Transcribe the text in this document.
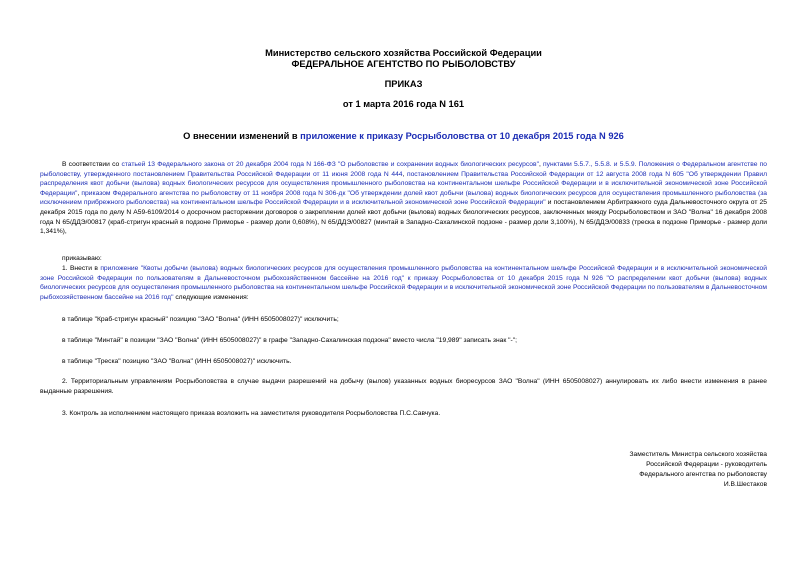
Министерство сельского хозяйства Российской Федерации
ФЕДЕРАЛЬНОЕ АГЕНТСТВО ПО РЫБОЛОВСТВУ
ПРИКАЗ
от 1 марта 2016 года N 161
О внесении изменений в приложение к приказу Росрыболовства от 10 декабря 2015 года N 926
В соответствии со статьей 13 Федерального закона от 20 декабря 2004 года N 166-ФЗ "О рыболовстве и сохранении водных биологических ресурсов", пунктами 5.5.7., 5.5.8. и 5.5.9. Положения о Федеральном агентстве по рыболовству, утвержденного постановлением Правительства Российской Федерации от 11 июня 2008 года N 444, постановлением Правительства Российской Федерации от 12 августа 2008 года N 605 "Об утверждении Правил распределения квот добычи (вылова) водных биологических ресурсов для осуществления промышленного рыболовства на континентальном шельфе Российской Федерации и в исключительной экономической зоне Российской Федерации", приказом Федерального агентства по рыболовству от 11 ноября 2008 года N 306-дк "Об утверждении долей квот добычи (вылова) водных биологических ресурсов для осуществления промышленного рыболовства (за исключением прибрежного рыболовства) на континентальном шельфе Российской Федерации и в исключительной экономической зоне Российской Федерации" и постановлением Арбитражного суда Дальневосточного округа от 25 декабря 2015 года по делу N А59-6109/2014 о досрочном расторжении договоров о закреплении долей квот добычи (вылова) водных биологических ресурсов, заключенных между Росрыболовством и ЗАО "Волна" 16 декабря 2008 года N 65/ДДЭ/00817 (краб-стригун красный в подзоне Приморье - размер доли 0,608%), N 65/ДДЭ/00827 (минтай в Западно-Сахалинской подзоне - размер доли 3,100%), N 65/ДДЭ/00833 (треска в подзоне Приморье - размер доли 1,341%),
приказываю:
1. Внести в приложение "Квоты добычи (вылова) водных биологических ресурсов для осуществления промышленного рыболовства на континентальном шельфе Российской Федерации и в исключительной экономической зоне Российской Федерации по пользователям в Дальневосточном рыбохозяйственном бассейне на 2016 год" к приказу Росрыболовства от 10 декабря 2015 года N 926 "О распределении квот добычи (вылова) водных биологических ресурсов для осуществления промышленного рыболовства на континентальном шельфе Российской Федерации и в исключительной экономической зоне Российской Федерации по пользователям в Дальневосточном рыбохозяйственном бассейне на 2016 год" следующие изменения:
в таблице "Краб-стригун красный" позицию "ЗАО "Волна" (ИНН 6505008027)" исключить;
в таблице "Минтай" в позиции "ЗАО "Волна" (ИНН 6505008027)" в графе "Западно-Сахалинская подзона" вместо числа "19,989" записать знак "-";
в таблице "Треска" позицию "ЗАО "Волна" (ИНН 6505008027)" исключить.
2. Территориальным управлениям Росрыболовства в случае выдачи разрешений на добычу (вылов) указанных водных биоресурсов ЗАО "Волна" (ИНН 6505008027) аннулировать их либо внести изменения в ранее выданные разрешения.
3. Контроль за исполнением настоящего приказа возложить на заместителя руководителя Росрыболовства П.С.Савчука.
Заместитель Министра сельского хозяйства
Российской Федерации - руководитель
Федерального агентства по рыболовству
И.В.Шестаков
